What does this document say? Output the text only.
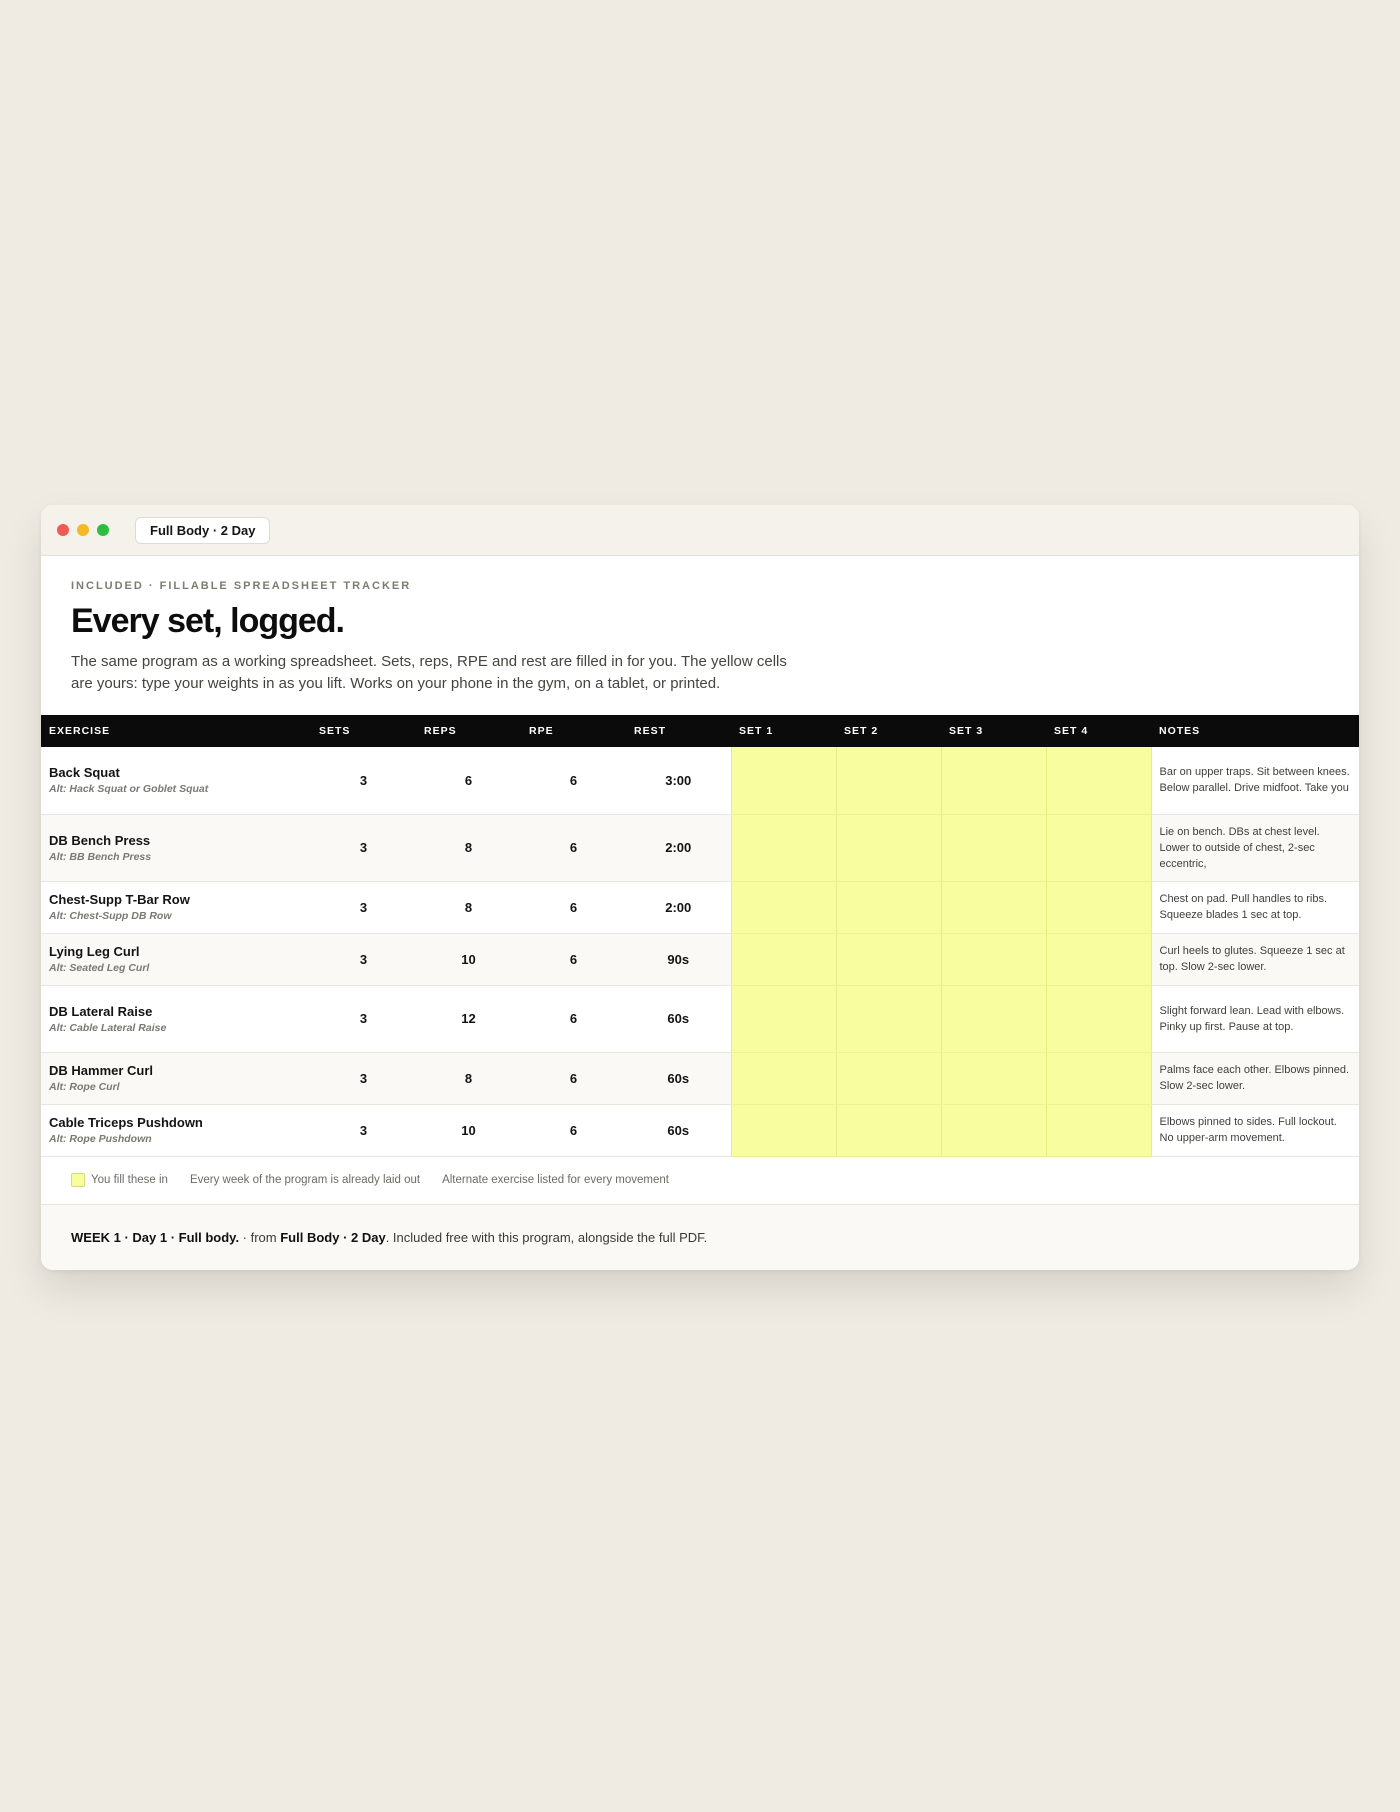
Full Body · 2 Day

INCLUDED · FILLABLE SPREADSHEET TRACKER

Every set, logged.

The same program as a working spreadsheet. Sets, reps, RPE and rest are filled in for you. The yellow cells are yours: type your weights in as you lift. Works on your phone in the gym, on a tablet, or printed.

EXERCISE	SETS	REPS	RPE	REST	SET 1	SET 2	SET 3	SET 4	NOTES

Back Squat
Alt: Hack Squat or Goblet Squat	3	6	6	3:00					Bar on upper traps. Sit between knees. Below parallel. Drive midfoot. Take you

DB Bench Press
Alt: BB Bench Press	3	8	6	2:00					Lie on bench. DBs at chest level. Lower to outside of chest, 2-sec eccentric,

Chest-Supp T-Bar Row
Alt: Chest-Supp DB Row	3	8	6	2:00					Chest on pad. Pull handles to ribs. Squeeze blades 1 sec at top.

Lying Leg Curl
Alt: Seated Leg Curl	3	10	6	90s					Curl heels to glutes. Squeeze 1 sec at top. Slow 2-sec lower.

DB Lateral Raise
Alt: Cable Lateral Raise	3	12	6	60s					Slight forward lean. Lead with elbows. Pinky up first. Pause at top.

DB Hammer Curl
Alt: Rope Curl	3	8	6	60s					Palms face each other. Elbows pinned. Slow 2-sec lower.

Cable Triceps Pushdown
Alt: Rope Pushdown	3	10	6	60s					Elbows pinned to sides. Full lockout. No upper-arm movement.
You fill these in Every week of the program is already laid out Alternate exercise listed for every movement
WEEK 1 · Day 1 · Full body. · from Full Body · 2 Day . Included free with this program, alongside the full PDF.
